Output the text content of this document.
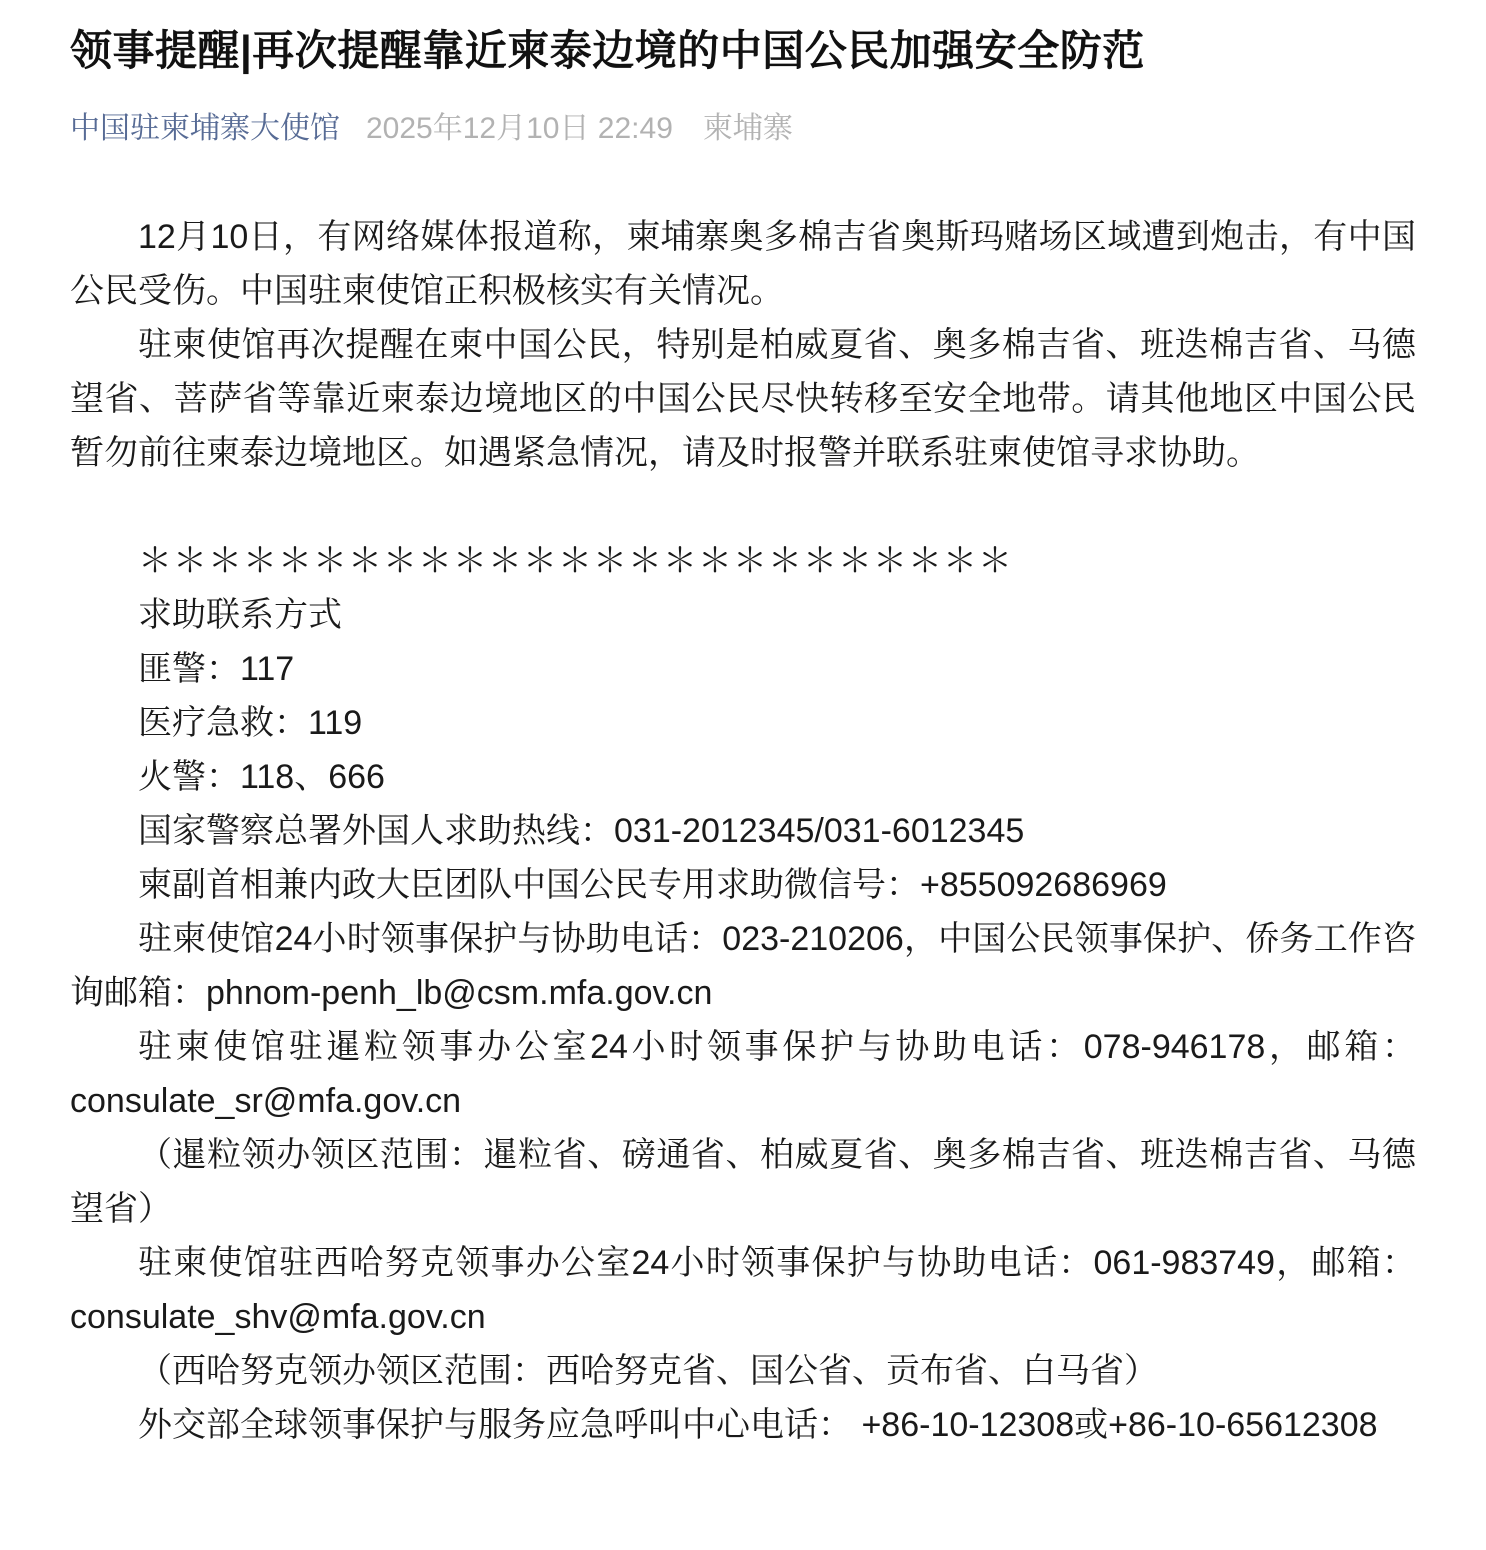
领事提醒|再次提醒靠近柬泰边境的中国公民加强安全防范
中国驻柬埔寨大使馆 2025年12月10日 22:49 柬埔寨

12月10日，有网络媒体报道称，柬埔寨奥多棉吉省奥斯玛赌场区域遭到炮击，有中国公民受伤。中国驻柬使馆正积极核实有关情况。

驻柬使馆再次提醒在柬中国公民，特别是柏威夏省、奥多棉吉省、班迭棉吉省、马德望省、菩萨省等靠近柬泰边境地区的中国公民尽快转移至安全地带。请其他地区中国公民暂勿前往柬泰边境地区。如遇紧急情况，请及时报警并联系驻柬使馆寻求协助。

＊＊＊＊＊＊＊＊＊＊＊＊＊＊＊＊＊＊＊＊＊＊＊＊＊

求助联系方式

匪警：117

医疗急救：119

火警：118、666

国家警察总署外国人求助热线：031-2012345/031-6012345

柬副首相兼内政大臣团队中国公民专用求助微信号：+855092686969

驻柬使馆24小时领事保护与协助电话：023-210206，中国公民领事保护、侨务工作咨询邮箱：phnom-penh_lb@csm.mfa.gov.cn

驻柬使馆驻暹粒领事办公室24小时领事保护与协助电话：078-946178，邮箱：consulate_sr@mfa.gov.cn

（暹粒领办领区范围：暹粒省、磅通省、柏威夏省、奥多棉吉省、班迭棉吉省、马德望省）

驻柬使馆驻西哈努克领事办公室24小时领事保护与协助电话：061-983749，邮箱：consulate_shv@mfa.gov.cn

（西哈努克领办领区范围：西哈努克省、国公省、贡布省、白马省）

外交部全球领事保护与服务应急呼叫中心电话： +86-10-12308或+86-10-65612308
